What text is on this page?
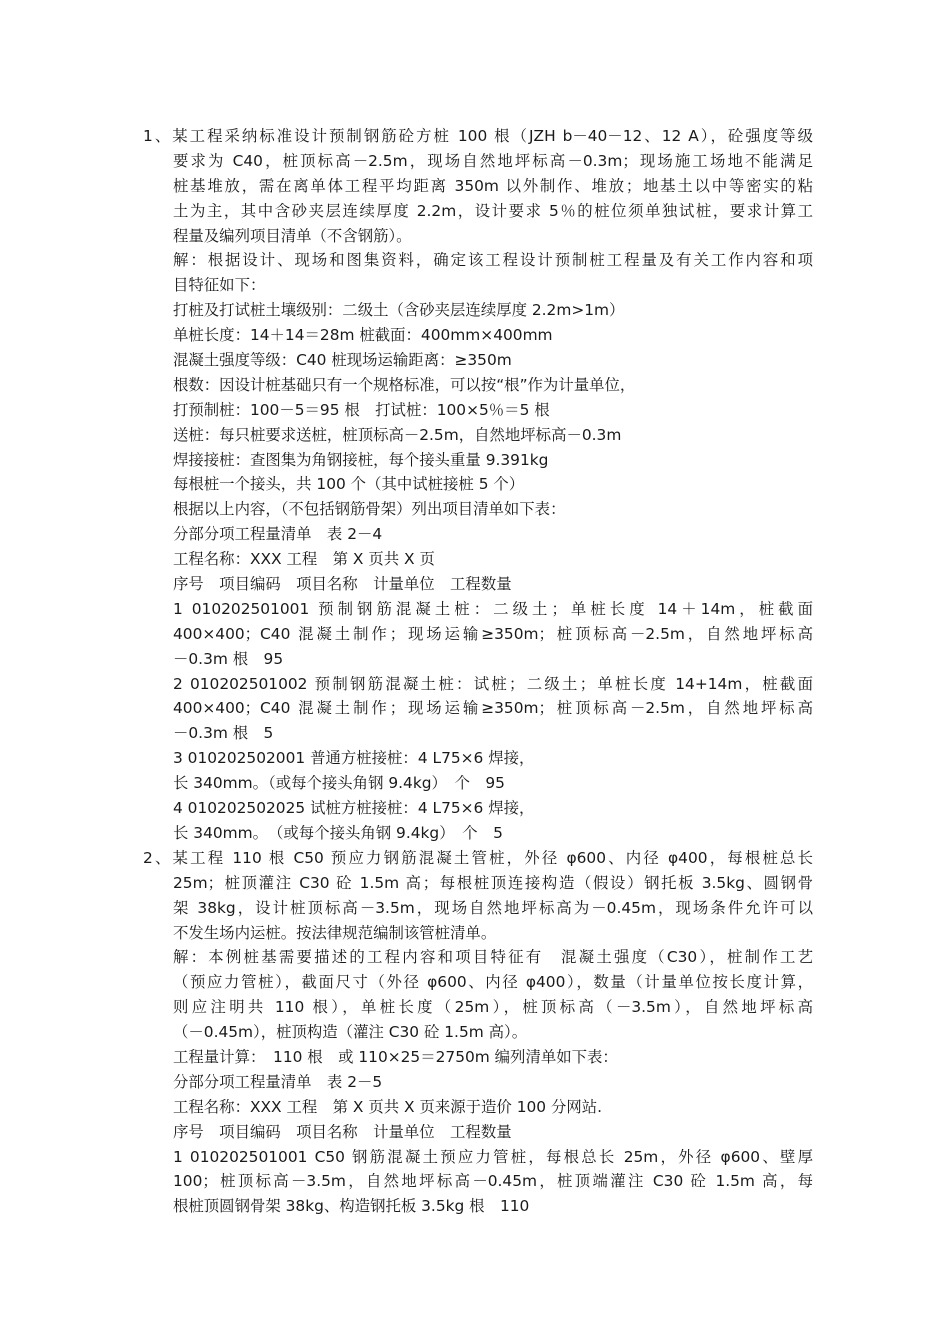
1、某工程采纳标准设计预制钢筋砼方桩 100 根（JZH b－40－12、12 A），砼强度等级
要求为 C40，桩顶标高－2.5m，现场自然地坪标高－0.3m；现场施工场地不能满足
桩基堆放，需在离单体工程平均距离 350m 以外制作、堆放；地基土以中等密实的粘
土为主，其中含砂夹层连续厚度 2.2m，设计要求 5％的桩位须单独试桩，要求计算工
程量及编列项目清单（不含钢筋）。
解：根据设计、现场和图集资料，确定该工程设计预制桩工程量及有关工作内容和项
目特征如下：
打桩及打试桩土壤级别：二级土（含砂夹层连续厚度 2.2m>1m）
单桩长度：14＋14＝28m 桩截面：400mm×400mm
混凝土强度等级：C40 桩现场运输距离：≥350m
根数：因设计桩基础只有一个规格标准，可以按“根”作为计量单位，
打预制桩：100－5＝95 根　打试桩：100×5％＝5 根
送桩：每只桩要求送桩，桩顶标高－2.5m，自然地坪标高－0.3m
焊接接桩：查图集为角钢接桩，每个接头重量 9.391kg
每根桩一个接头，共 100 个（其中试桩接桩 5 个）
根据以上内容，（不包括钢筋骨架）列出项目清单如下表：
分部分项工程量清单　表 2－4
工程名称：XXX 工程　第 X 页共 X 页
序号　项目编码　项目名称　计量单位　工程数量
1 010202501001 预制钢筋混凝土桩：二级土；单桩长度 14＋14m，桩截面
400×400；C40 混凝土制作；现场运输≥350m；桩顶标高－2.5m，自然地坪标高
－0.3m 根　95
2 010202501002 预制钢筋混凝土桩：试桩；二级土；单桩长度 14+14m，桩截面
400×400；C40 混凝土制作；现场运输≥350m；桩顶标高－2.5m，自然地坪标高
－0.3m 根　5
3 010202502001 普通方桩接桩：4 L75×6 焊接，
长 340mm。（或每个接头角钢 9.4kg）　个　95
4 010202502025 试桩方桩接桩：4 L75×6 焊接，
长 340mm。　（或每个接头角钢 9.4kg）　个　5
2、某工程 110 根 C50 预应力钢筋混凝土管桩，外径 φ600、内径 φ400，每根桩总长
25m；桩顶灌注 C30 砼 1.5m 高；每根桩顶连接构造（假设）钢托板 3.5kg、圆钢骨
架 38kg，设计桩顶标高－3.5m，现场自然地坪标高为－0.45m，现场条件允许可以
不发生场内运桩。按法律规范编制该管桩清单。
解：本例桩基需要描述的工程内容和项目特征有　混凝土强度（C30），桩制作工艺
（预应力管桩），截面尺寸（外径 φ600、内径 φ400），数量（计量单位按长度计算，
则应注明共 110 根），单桩长度（25m），桩顶标高（－3.5m），自然地坪标高
（－0.45m），桩顶构造（灌注 C30 砼 1.5m 高）。
工程量计算：　110 根　或 110×25＝2750m 编列清单如下表：
分部分项工程量清单　表 2－5
工程名称：XXX 工程　第 X 页共 X 页来源于造价 100 分网站.
序号　项目编码　项目名称　计量单位　工程数量
1 010202501001 C50 钢筋混凝土预应力管桩，每根总长 25m，外径 φ600、壁厚
100；桩顶标高－3.5m，自然地坪标高－0.45m，桩顶端灌注 C30 砼 1.5m 高，每
根桩顶圆钢骨架 38kg、构造钢托板 3.5kg 根　110
